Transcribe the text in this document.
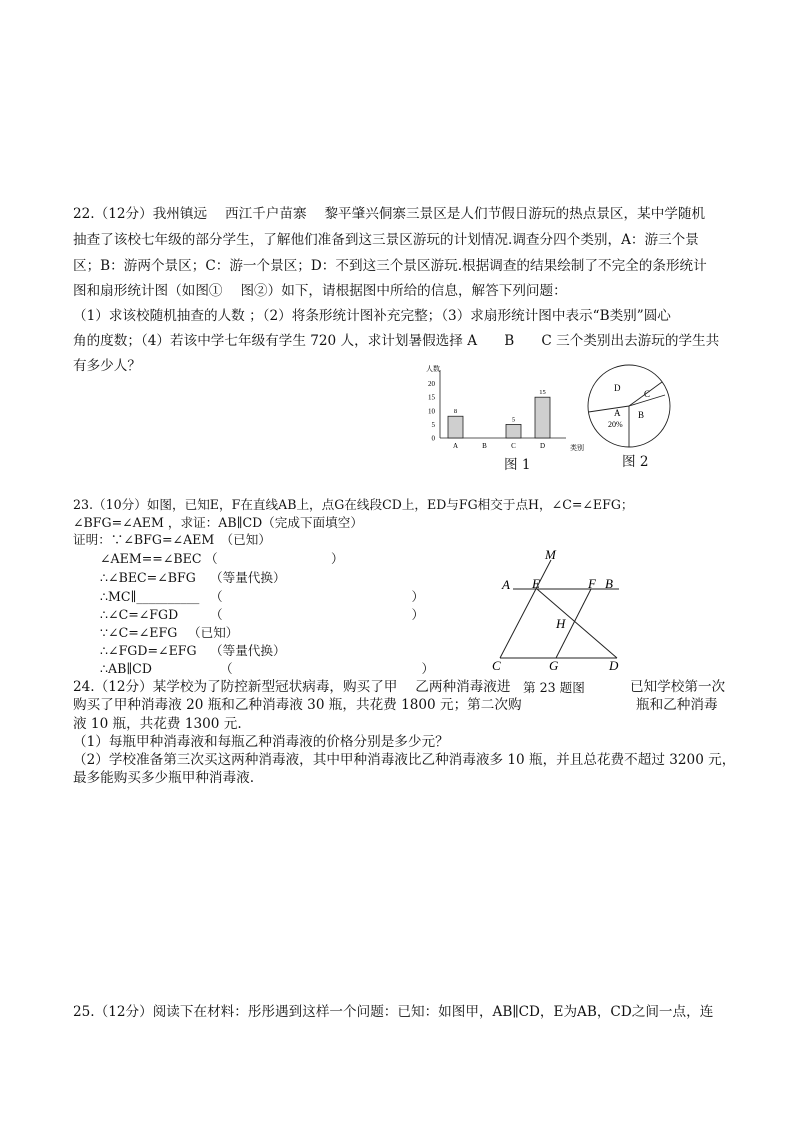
22.（12分）我州镇远　 西江千户苗寨　 黎平肇兴侗寨三景区是人们节假日游玩的热点景区，某中学随机
抽查了该校七年级的部分学生，了解他们准备到这三景区游玩的计划情况.调查分四个类别，A：游三个景
区；B：游两个景区；C：游一个景区；D：不到这三个景区游玩.根据调查的结果绘制了不完全的条形统计
图和扇形统计图（如图①　 图②）如下，请根据图中所给的信息，解答下列问题：
（1）求该校随机抽查的人数 ；（2）将条形统计图补充完整；（3）求扇形统计图中表示“B类别”圆心
角的度数；（4）若该中学七年级有学生 720 人，求计划暑假选择 A　　B　　C 三个类别出去游玩的学生共
有多少人？	人数
类别
0
5
10
15
20
8
A	B
5
C
15
D
图 1
D
C
B
A
20%
图 2
23.（10分）如图，已知E，F在直线AB上，点G在线段CD上，ED与FG相交于点H，∠C=∠EFG；
∠BFG=∠AEM ，求证：AB∥CD（完成下面填空）
证明：∵∠BFG=∠AEM　（已知）
∠AEM==∠BEC （　　　　　　　　　）
∴∠BEC=∠BFG （等量代换）
∴MC∥__________ （　　　　　　　　　　　　　　　）
∴∠C=∠FGD	（　　　　　　　　　　　　　　　）
∵∠C=∠EFG （已知）
∴∠FGD=∠EFG （等量代换）
∴AB∥CD	（　　　　　　　　　　　　　　　）
M
A E	F B
H
C	G	D
24.（12分）某学校为了防控新型冠状病毒，购买了甲　 乙两种消毒液进 第 23 题图	已知学校第一次
购买了甲种消毒液 20 瓶和乙种消毒液 30 瓶，共花费 1800 元；第二次购	瓶和乙种消毒
液 10 瓶，共花费 1300 元.
（1）每瓶甲种消毒液和每瓶乙种消毒液的价格分别是多少元？
（2）学校准备第三次买这两种消毒液，其中甲种消毒液比乙种消毒液多 10 瓶，并且总花费不超过 3200 元，
最多能购买多少瓶甲种消毒液.
25.（12分）阅读下在材料：彤彤遇到这样一个问题：已知：如图甲，AB∥CD，E为AB，CD之间一点，连
